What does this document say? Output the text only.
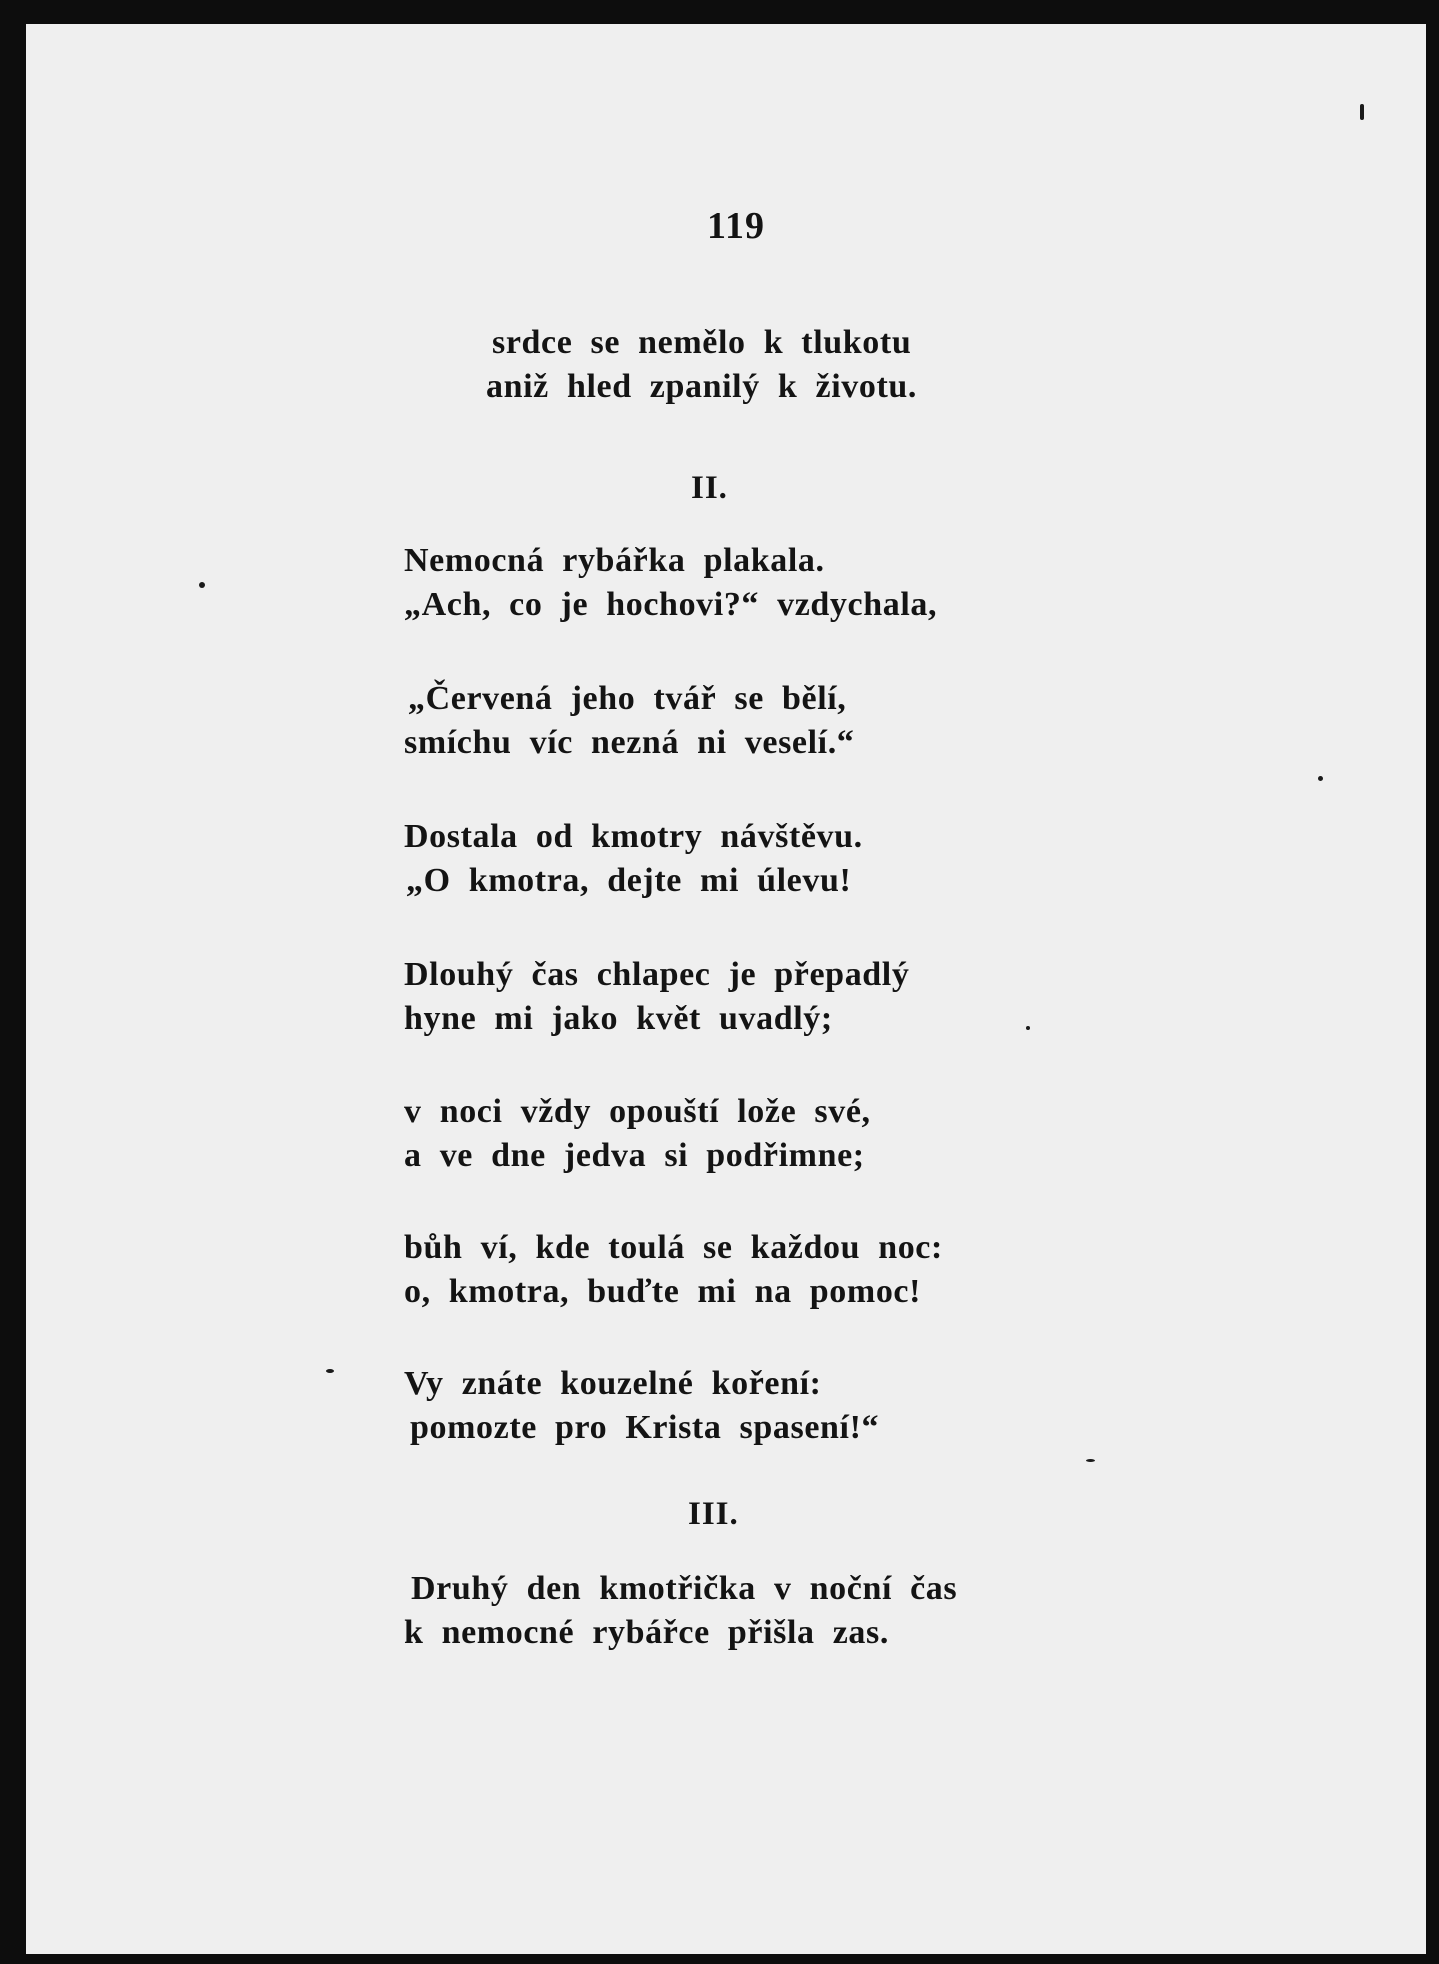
119
srdce se nemělo k tlukotu
aniž hled zpanilý k životu.
II.
Nemocná rybářka plakala.
„Ach, co je hochovi?“ vzdychala,
„Červená jeho tvář se bělí,
smíchu víc nezná ni veselí.“
Dostala od kmotry návštěvu.
„O kmotra, dejte mi úlevu!
Dlouhý čas chlapec je přepadlý
hyne mi jako květ uvadlý;
v noci vždy opouští lože své,
a ve dne jedva si podřimne;
bůh ví, kde toulá se každou noc:
o, kmotra, buďte mi na pomoc!
Vy znáte kouzelné koření:
pomozte pro Krista spasení!“
III.
Druhý den kmotřička v noční čas
k nemocné rybářce přišla zas.
